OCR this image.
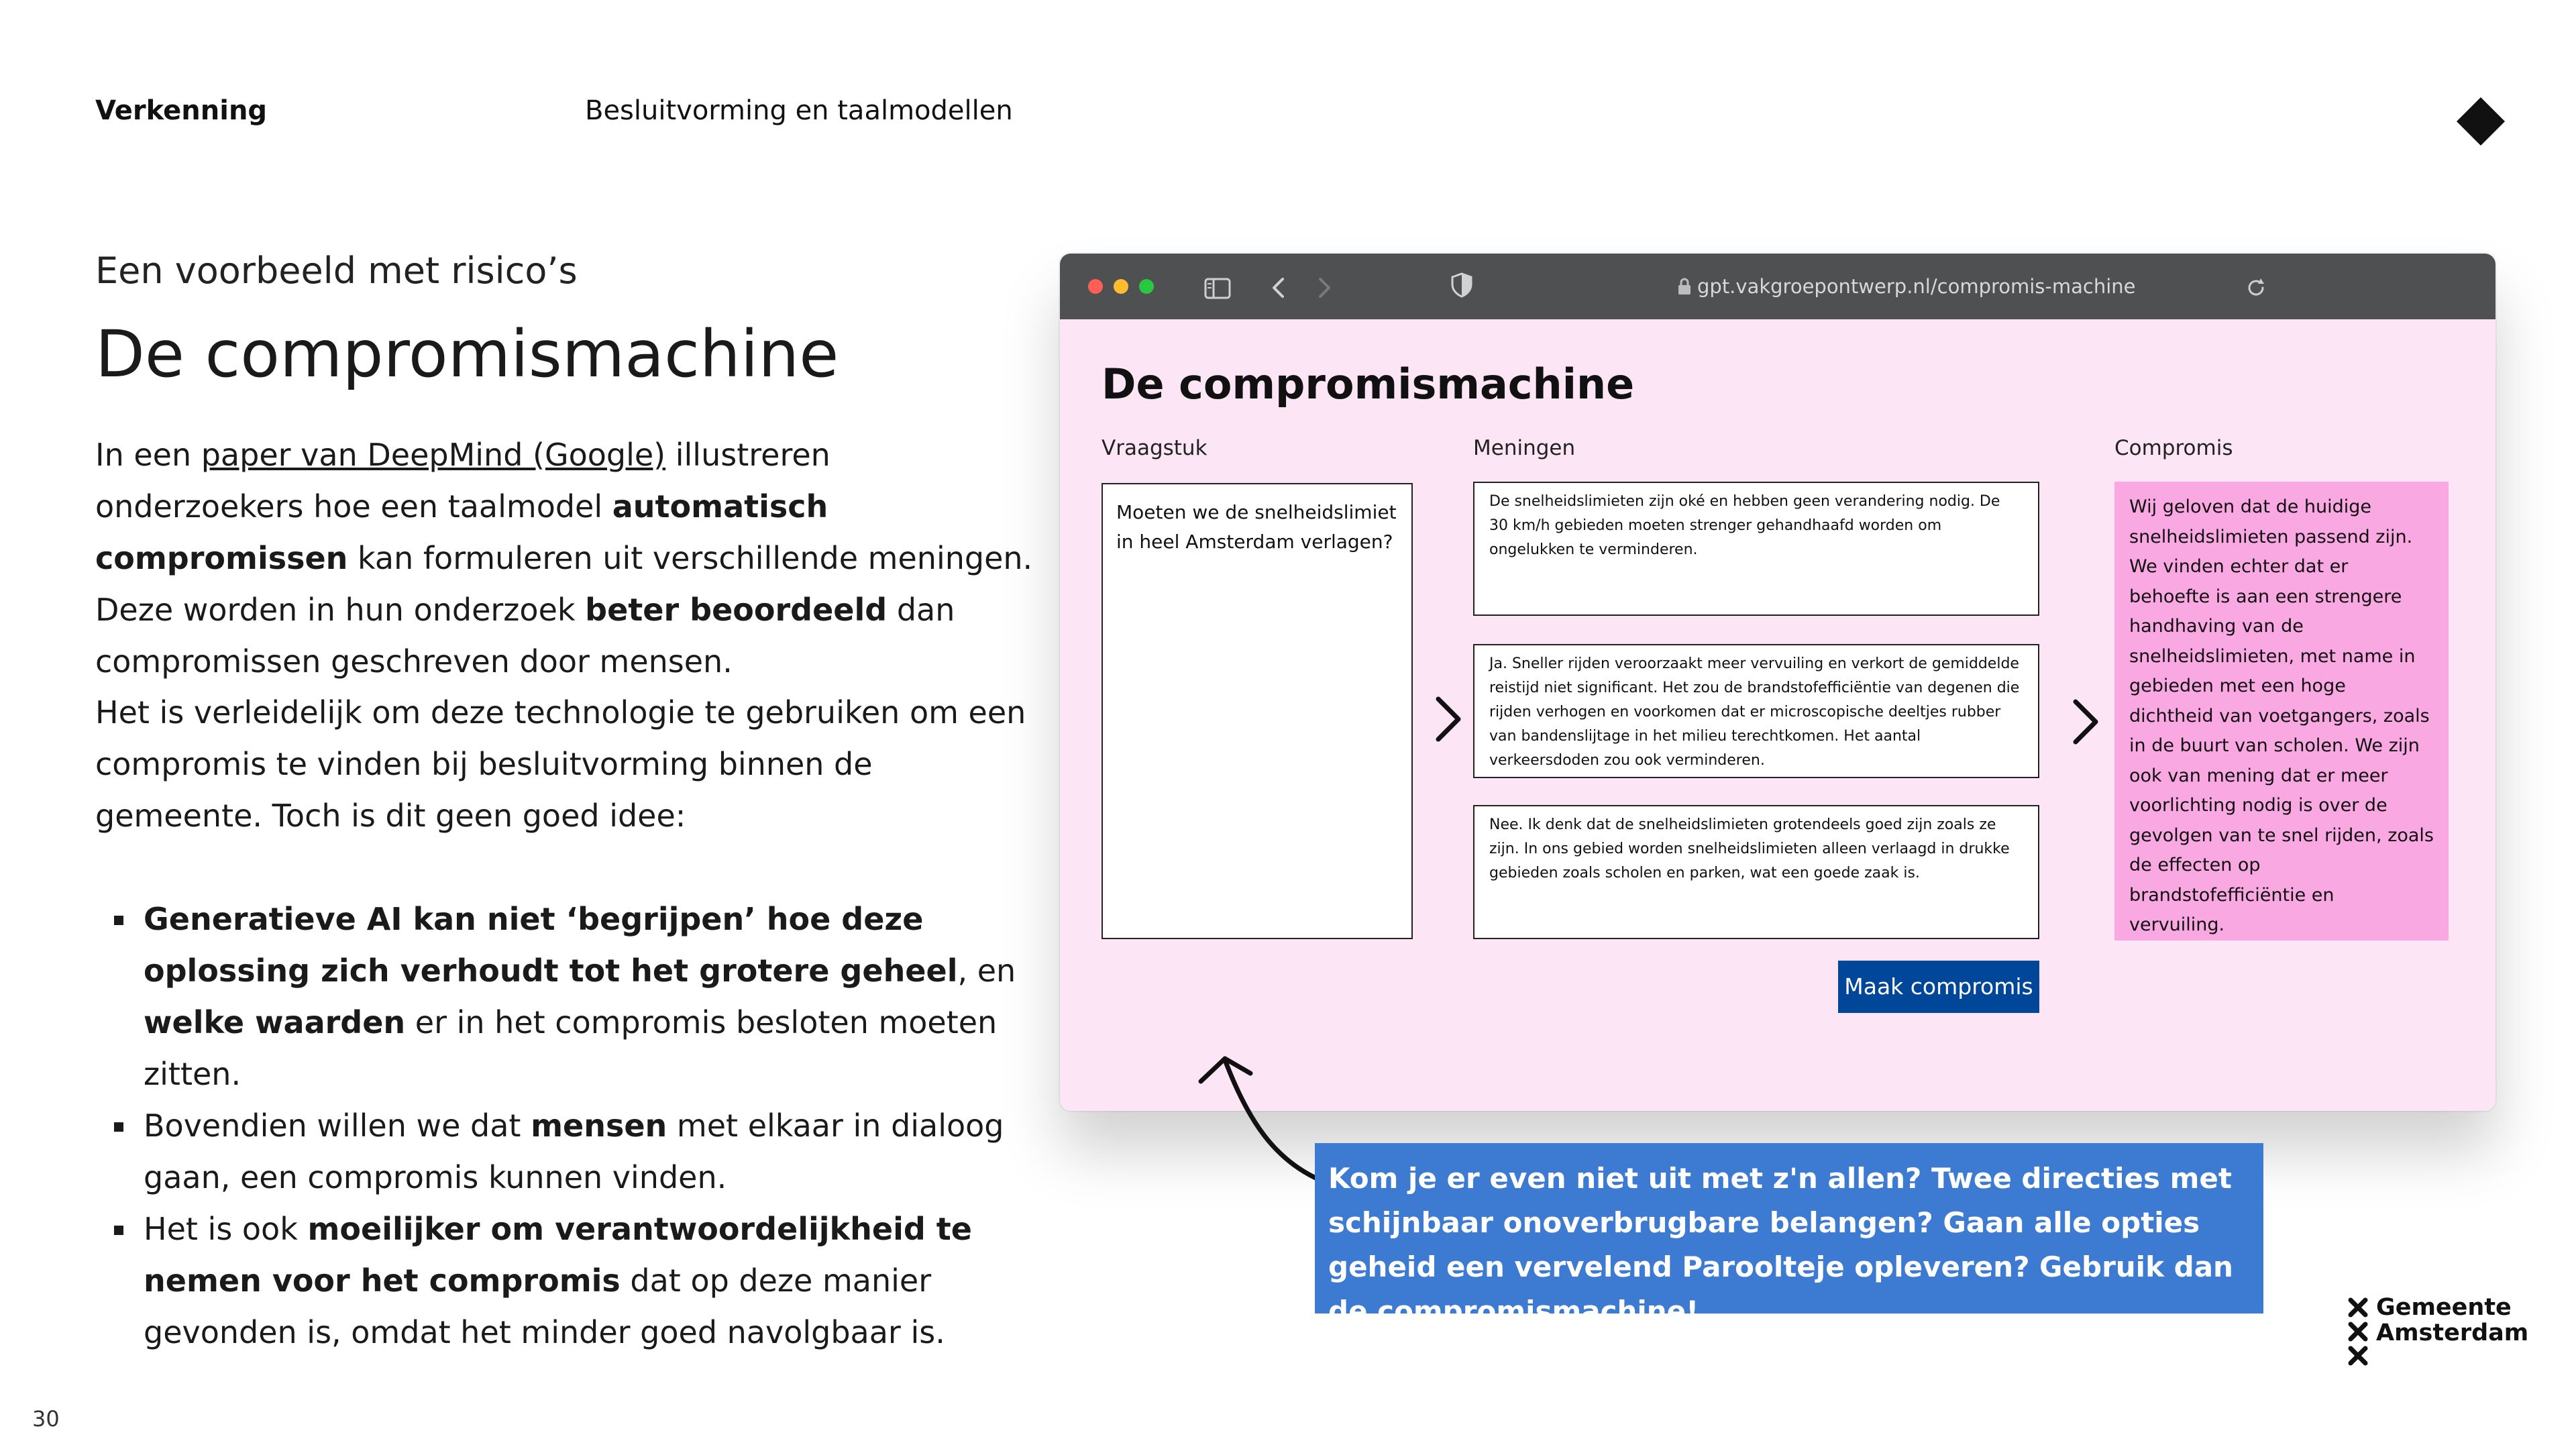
Verkenning	Besluitvorming en taalmodellen
Een voorbeeld met risico’s
De compromismachine
In een paper van DeepMind (Google) illustreren onderzoekers hoe een taalmodel automatisch compromissen kan formuleren uit verschillende meningen. Deze worden in hun onderzoek beter beoordeeld dan compromissen geschreven door mensen.
Het is verleidelijk om deze technologie te gebruiken om een compromis te vinden bij besluitvorming binnen de gemeente. Toch is dit geen goed idee:
Generatieve AI kan niet ‘begrijpen’ hoe deze oplossing zich verhoudt tot het grotere geheel, en welke waarden er in het compromis besloten moeten zitten.
Bovendien willen we dat mensen met elkaar in dialoog gaan, een compromis kunnen vinden.
Het is ook moeilijker om verantwoordelijkheid te nemen voor het compromis dat op deze manier gevonden is, omdat het minder goed navolgbaar is.
30
gpt.vakgroepontwerp.nl/compromis-machine
De compromismachine
Vraagstuk	Meningen	Compromis
Moeten we de snelheidslimiet in heel Amsterdam verlagen?
De snelheidslimieten zijn oké en hebben geen verandering nodig. De 30 km/h gebieden moeten strenger gehandhaafd worden om ongelukken te verminderen.
Ja. Sneller rijden veroorzaakt meer vervuiling en verkort de gemiddelde reistijd niet significant. Het zou de brandstofefficiëntie van degenen die rijden verhogen en voorkomen dat er microscopische deeltjes rubber van bandenslijtage in het milieu terechtkomen. Het aantal verkeersdoden zou ook verminderen.
Nee. Ik denk dat de snelheidslimieten grotendeels goed zijn zoals ze zijn. In ons gebied worden snelheidslimieten alleen verlaagd in drukke gebieden zoals scholen en parken, wat een goede zaak is.
Wij geloven dat de huidige snelheidslimieten passend zijn. We vinden echter dat er behoefte is aan een strengere handhaving van de snelheidslimieten, met name in gebieden met een hoge dichtheid van voetgangers, zoals in de buurt van scholen. We zijn ook van mening dat er meer voorlichting nodig is over de gevolgen van te snel rijden, zoals de effecten op brandstofefficiëntie en vervuiling.
Maak compromis
Kom je er even niet uit met z'n allen? Twee directies met schijnbaar onoverbrugbare belangen? Gaan alle opties geheid een vervelend Paroolteje opleveren? Gebruik dan de compromismachine!	Gemeente
Amsterdam
